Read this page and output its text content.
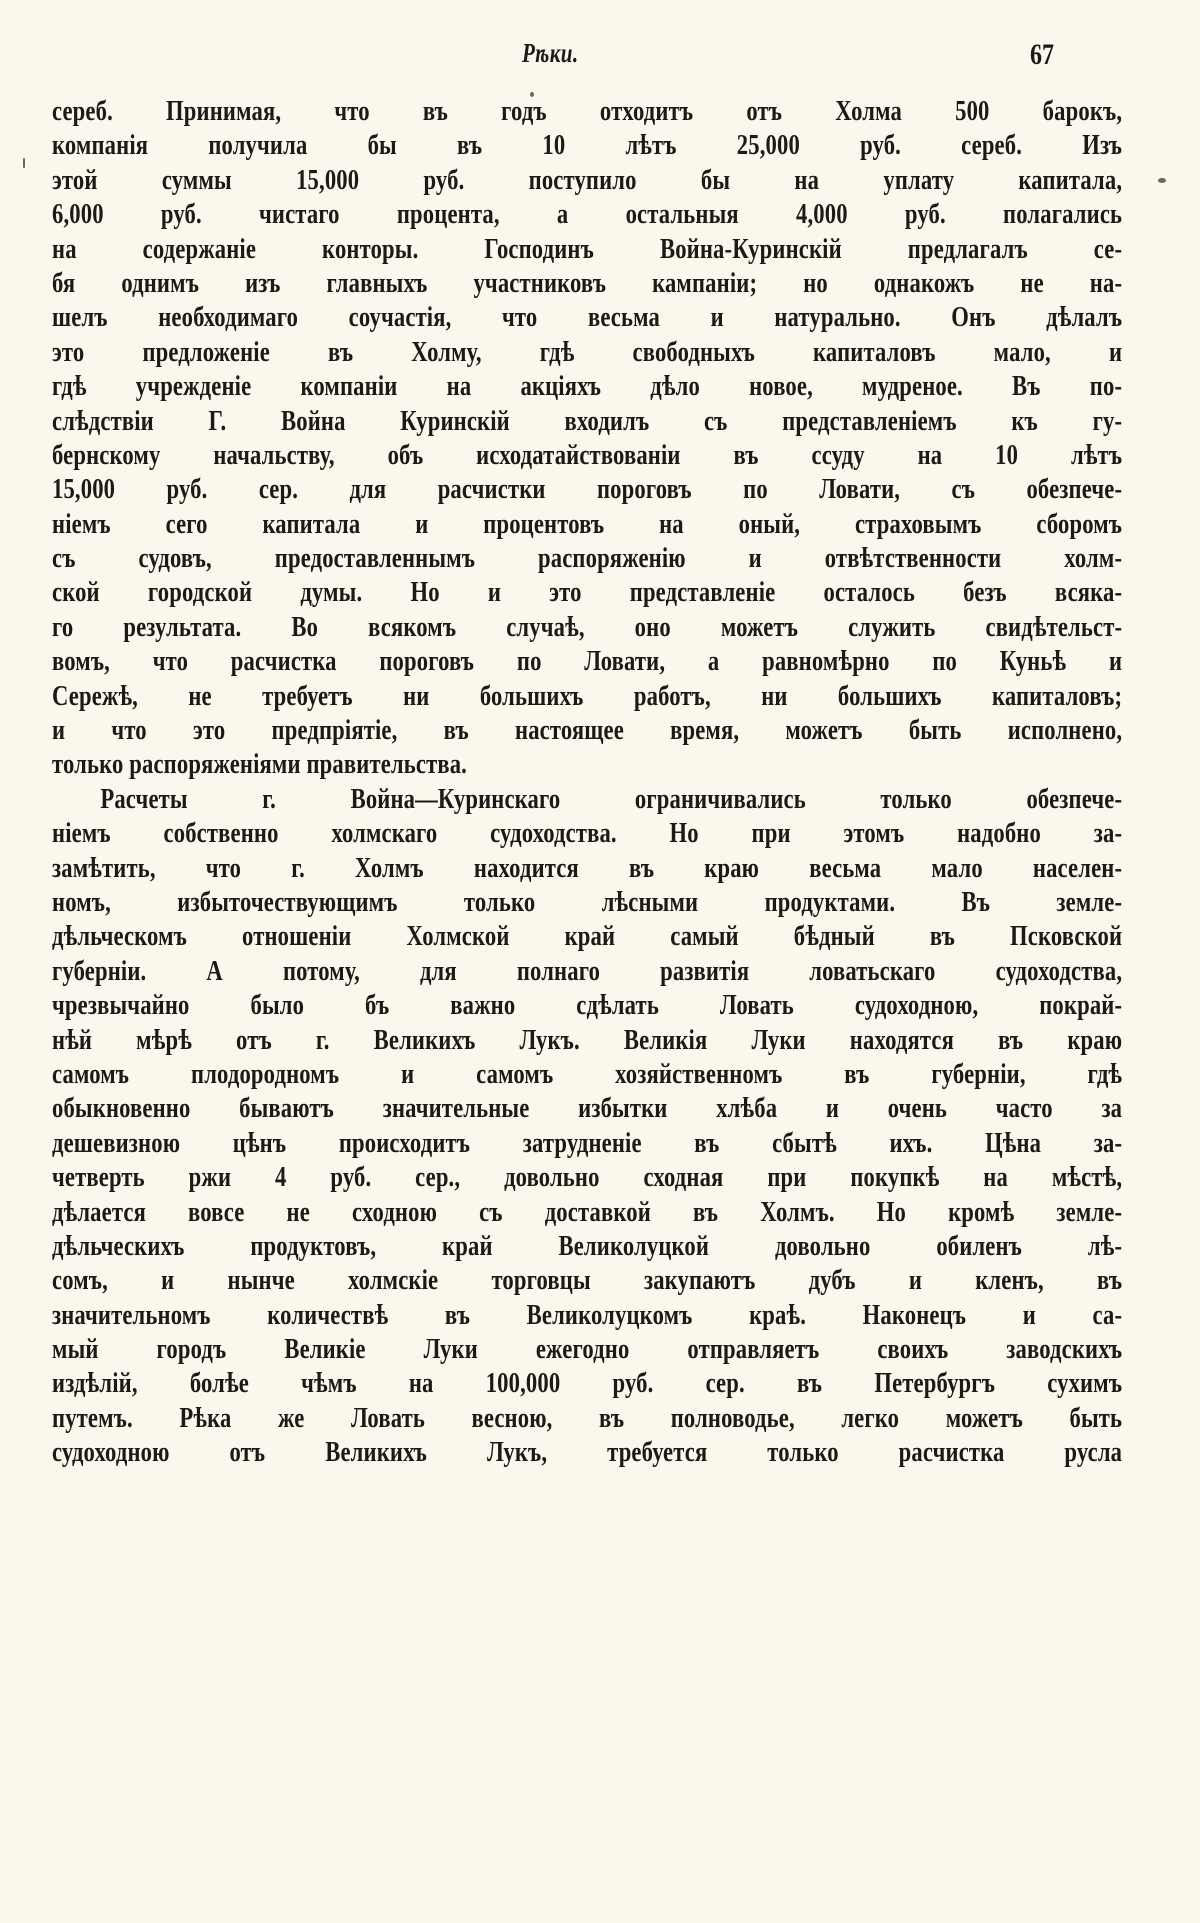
Рѣки.	67
сереб. Принимая, что въ годъ отходитъ отъ Холма 500 барокъ,
компанія получила бы въ 10 лѣтъ 25,000 руб. сереб. Изъ
этой суммы 15,000 руб. поступило бы на уплату капитала,
6,000 руб. чистаго процента, а остальныя 4,000 руб. полагались
на содержаніе конторы. Господинъ Война-Куринскій предлагалъ се-
бя однимъ изъ главныхъ участниковъ кампаніи; но однакожъ не на-
шелъ необходимаго соучастія, что весьма и натурально. Онъ дѣлалъ
это предложеніе въ Холму, гдѣ свободныхъ капиталовъ мало, и
гдѣ учрежденіе компаніи на акціяхъ дѣло новое, мудреное. Въ по-
слѣдствіи Г. Война Куринскій входилъ съ представленіемъ къ гу-
бернскому начальству, объ исходатайствованіи въ ссуду на 10 лѣтъ
15,000 руб. сер. для расчистки пороговъ по Ловати, съ обезпече-
ніемъ сего капитала и процентовъ на оный, страховымъ сборомъ
съ судовъ, предоставленнымъ распоряженію и отвѣтственности холм-
ской городской думы. Но и это представленіе осталось безъ всяка-
го результата. Во всякомъ случаѣ, оно можетъ служить свидѣтельст-
вомъ, что расчистка пороговъ по Ловати, а равномѣрно по Куньѣ и
Сережѣ, не требуетъ ни большихъ работъ, ни большихъ капиталовъ;
и что это предпріятіе, въ настоящее время, можетъ быть исполнено,
только распоряженіями правительства.
Расчеты г. Война—Куринскаго ограничивались только обезпече-
ніемъ собственно холмскаго судоходства. Но при этомъ надобно за-
замѣтить, что г. Холмъ находится въ краю весьма мало населен-
номъ, избыточествующимъ только лѣсными продуктами. Въ земле-
дѣльческомъ отношеніи Холмской край самый бѣдный въ Псковской
губерніи. А потому, для полнаго развитія ловатьскаго судоходства,
чрезвычайно было бъ важно сдѣлать Ловать судоходною, покрай-
нѣй мѣрѣ отъ г. Великихъ Лукъ. Великія Луки находятся въ краю
самомъ плодородномъ и самомъ хозяйственномъ въ губерніи, гдѣ
обыкновенно бываютъ значительные избытки хлѣба и очень часто за
дешевизною цѣнъ происходитъ затрудненіе въ сбытѣ ихъ. Цѣна за-
четверть ржи 4 руб. сер., довольно сходная при покупкѣ на мѣстѣ,
дѣлается вовсе не сходною съ доставкой въ Холмъ. Но кромѣ земле-
дѣльческихъ продуктовъ, край Великолуцкой довольно обиленъ лѣ-
сомъ, и нынче холмскіе торговцы закупаютъ дубъ и кленъ, въ
значительномъ количествѣ въ Великолуцкомъ краѣ. Наконецъ и са-
мый городъ Великіе Луки ежегодно отправляетъ своихъ заводскихъ
издѣлій, болѣе чѣмъ на 100,000 руб. сер. въ Петербургъ сухимъ
путемъ. Рѣка же Ловать весною, въ полноводье, легко можетъ быть
судоходною отъ Великихъ Лукъ, требуется только расчистка русла
